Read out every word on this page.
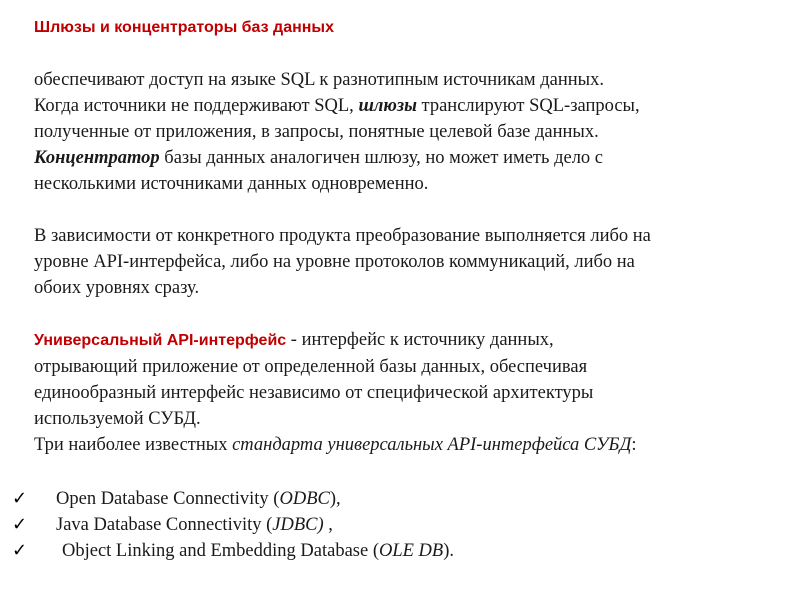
Шлюзы и концентраторы баз данных

обеспечивают доступ на языке SQL к разнотипным источникам данных.
Когда источники не поддерживают SQL, шлюзы транслируют SQL-запросы,
полученные от приложения, в запросы, понятные целевой базе данных.
Концентратор базы данных аналогичен шлюзу, но может иметь дело с
несколькими источниками данных одновременно.

В зависимости от конкретного продукта преобразование выполняется либо на
уровне API-интерфейса, либо на уровне протоколов коммуникаций, либо на
обоих уровнях сразу.

Универсальный API-интерфейс - интерфейс к источнику данных,
отрывающий приложение от определенной базы данных, обеспечивая
единообразный интерфейс независимо от специфической архитектуры
используемой СУБД.
Три наиболее известных стандарта универсальных API-интерфейса СУБД:

✓ Open Database Connectivity (ODBC),
✓ Java Database Connectivity (JDBC) ,
✓ Object Linking and Embedding Database (OLE DB).
